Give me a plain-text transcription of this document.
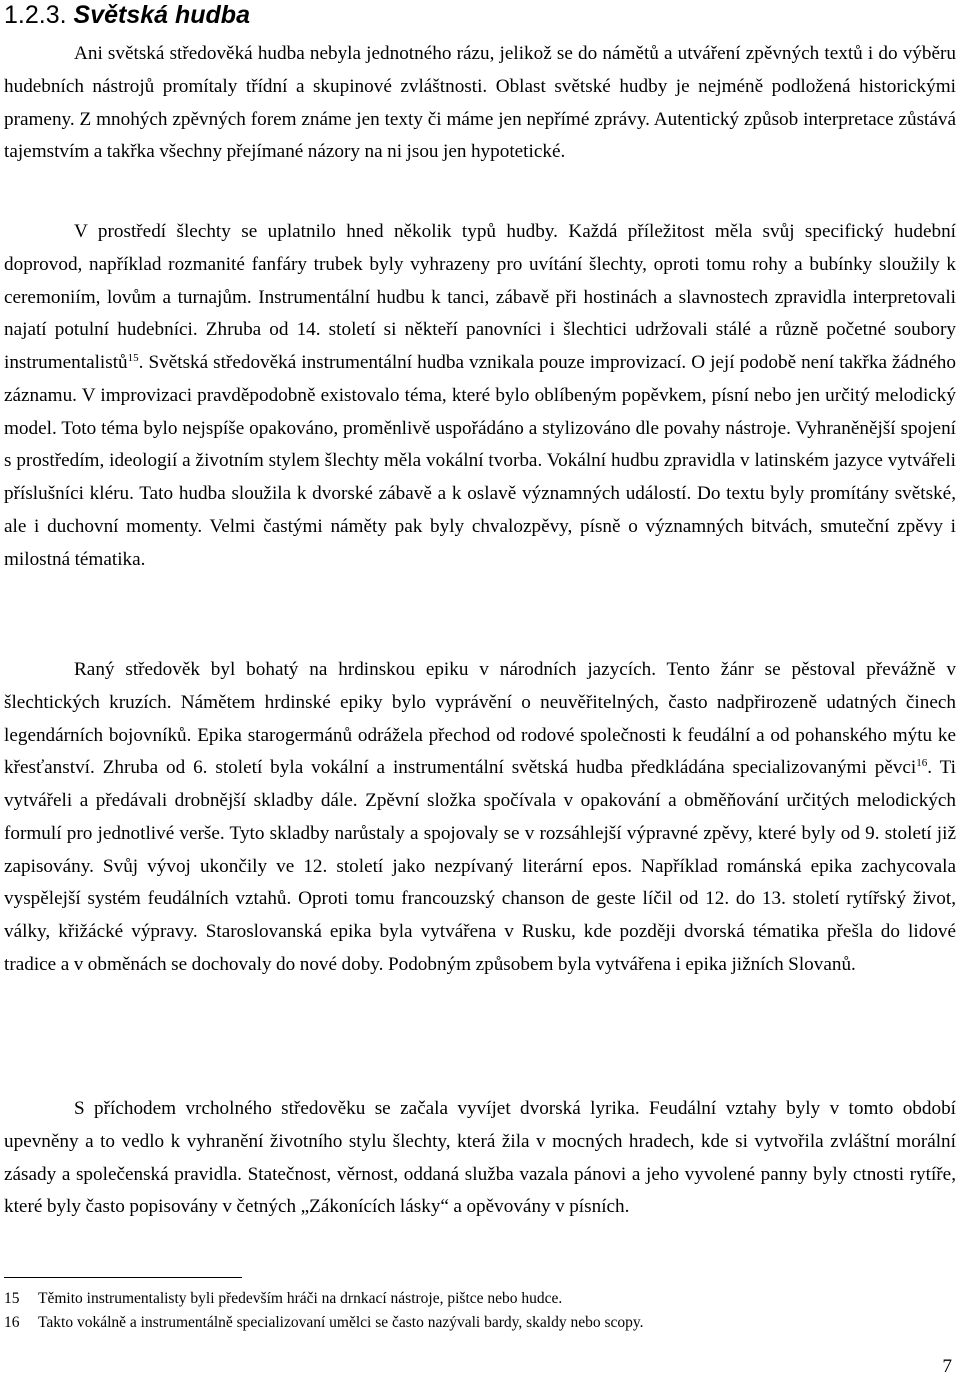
1.2.3. Světská hudba

Ani světská středověká hudba nebyla jednotného rázu, jelikož se do námětů a utváření zpěvných textů i do výběru hudebních nástrojů promítaly třídní a skupinové zvláštnosti. Oblast světské hudby je nejméně podložená historickými prameny. Z mnohých zpěvných forem známe jen texty či máme jen nepřímé zprávy. Autentický způsob interpretace zůstává tajemstvím a takřka všechny přejímané názory na ni jsou jen hypotetické.

V prostředí šlechty se uplatnilo hned několik typů hudby. Každá příležitost měla svůj specifický hudební doprovod, například rozmanité fanfáry trubek byly vyhrazeny pro uvítání šlechty, oproti tomu rohy a bubínky sloužily k ceremoniím, lovům a turnajům. Instrumentální hudbu k tanci, zábavě při hostinách a slavnostech zpravidla interpretovali najatí potulní hudebníci. Zhruba od 14. století si někteří panovníci i šlechtici udržovali stálé a různě početné soubory instrumentalistů$^{15}$. Světská středověká instrumentální hudba vznikala pouze improvizací. O její podobě není takřka žádného záznamu. V improvizaci pravděpodobně existovalo téma, které bylo oblíbeným popěvkem, písní nebo jen určitý melodický model. Toto téma bylo nejspíše opakováno, proměnlivě uspořádáno a stylizováno dle povahy nástroje. Vyhraněnější spojení s prostředím, ideologií a životním stylem šlechty měla vokální tvorba. Vokální hudbu zpravidla v latinském jazyce vytvářeli příslušníci kléru. Tato hudba sloužila k dvorské zábavě a k oslavě významných událostí. Do textu byly promítány světské, ale i duchovní momenty. Velmi častými náměty pak byly chvalozpěvy, písně o významných bitvách, smuteční zpěvy i milostná tématika.

Raný středověk byl bohatý na hrdinskou epiku v národních jazycích. Tento žánr se pěstoval převážně v šlechtických kruzích. Námětem hrdinské epiky bylo vyprávění o neuvěřitelných, často nadpřirozeně udatných činech legendárních bojovníků. Epika starogermánů odrážela přechod od rodové společnosti k feudální a od pohanského mýtu ke křesťanství. Zhruba od 6. století byla vokální a instrumentální světská hudba předkládána specializovanými pěvci$^{16}$. Ti vytvářeli a předávali drobnější skladby dále. Zpěvní složka spočívala v opakování a obměňování určitých melodických formulí pro jednotlivé verše. Tyto skladby narůstaly a spojovaly se v rozsáhlejší výpravné zpěvy, které byly od 9. století již zapisovány. Svůj vývoj ukončily ve 12. století jako nezpívaný literární epos. Například románská epika zachycovala vyspělejší systém feudálních vztahů. Oproti tomu francouzský chanson de geste líčil od 12. do 13. století rytířský život, války, křižácké výpravy. Staroslovanská epika byla vytvářena v Rusku, kde později dvorská tématika přešla do lidové tradice a v obměnách se dochovaly do nové doby. Podobným způsobem byla vytvářena i epika jižních Slovanů.

S příchodem vrcholného středověku se začala vyvíjet dvorská lyrika. Feudální vztahy byly v tomto období upevněny a to vedlo k vyhranění životního stylu šlechty, která žila v mocných hradech, kde si vytvořila zvláštní morální zásady a společenská pravidla. Statečnost, věrnost, oddaná služba vazala pánovi a jeho vyvolené panny byly ctnosti rytíře, které byly často popisovány v četných „Zákonících lásky“ a opěvovány v písních.

15 Těmito instrumentalisty byli především hráči na drnkací nástroje, pištce nebo hudce.
16 Takto vokálně a instrumentálně specializovaní umělci se často nazývali bardy, skaldy nebo scopy.
7
